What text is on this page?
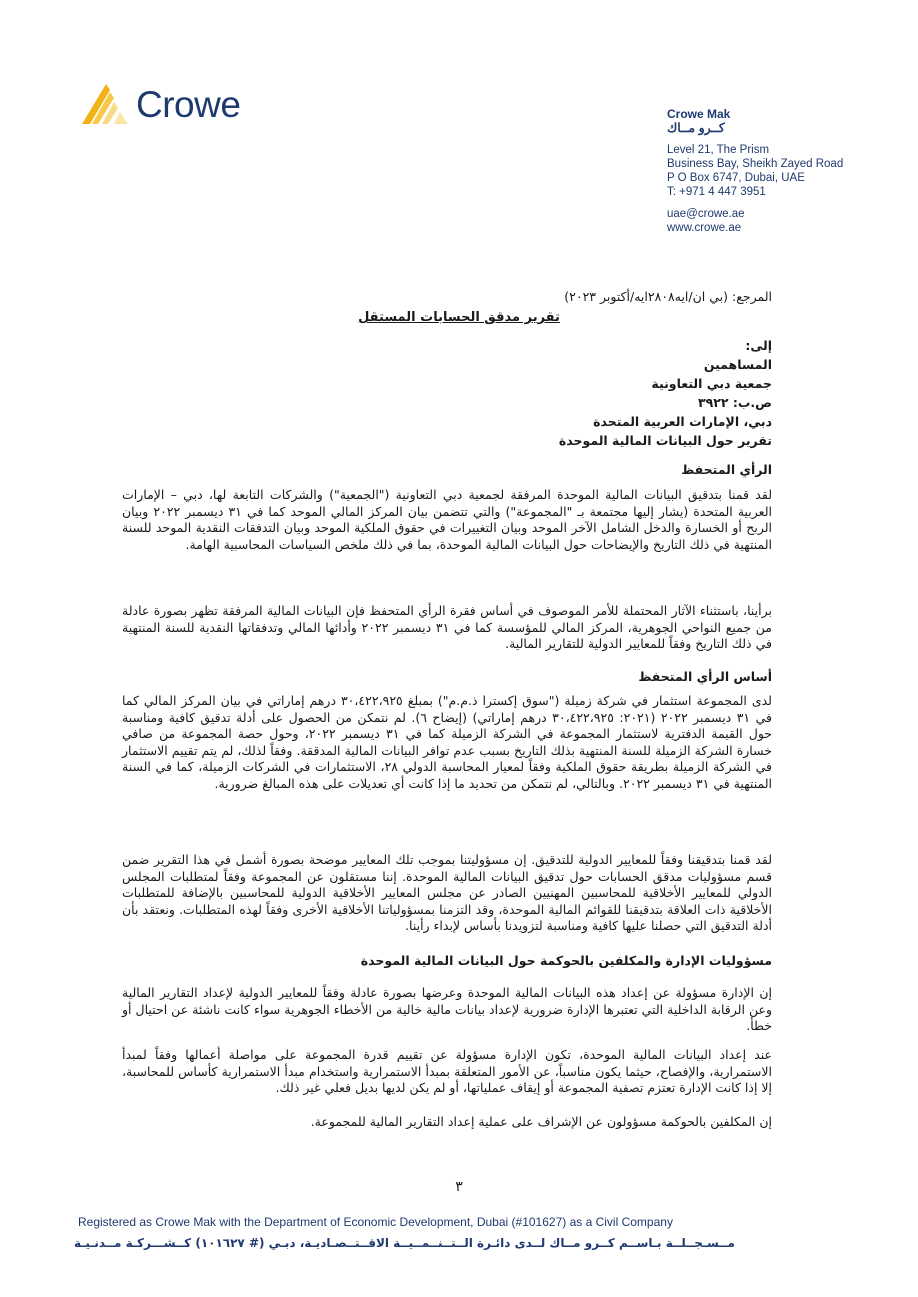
Crowe	Crowe Mak
كــرو مــاك
Level 21, The Prism
Business Bay, Sheikh Zayed Road
P O Box 6747, Dubai, UAE
T: +971 4 447 3951
uae@crowe.ae
www.crowe.ae
المرجع: (بي ان/ايه٢٨٠٨ايه/أكتوبر ٢٠٢٣)
تقرير مدقق الحسابات المستقل
إلى:
المساهمين
جمعية دبي التعاونية
ص.ب: ٣٩٢٢
دبي، الإمارات العربية المتحدة
تقرير حول البيانات المالية الموحدة
الرأي المتحفظ
لقد قمنا بتدقيق البيانات المالية الموحدة المرفقة لجمعية دبي التعاونية ("الجمعية") والشركات التابعة لها، دبي – الإمارات العربية المتحدة (يشار إليها مجتمعة بـ "المجموعة") والتي تتضمن بيان المركز المالي الموحد كما في ٣١ ديسمبر ٢٠٢٢ وبيان الربح أو الخسارة والدخل الشامل الآخر الموحد وبيان التغييرات في حقوق الملكية الموحد وبيان التدفقات النقدية الموحد للسنة المنتهية في ذلك التاريخ والإيضاحات حول البيانات المالية الموحدة، بما في ذلك ملخص السياسات المحاسبية الهامة.
برأينا، باستثناء الآثار المحتملة للأمر الموصوف في أساس فقرة الرأي المتحفظ فإن البيانات المالية المرفقة تظهر بصورة عادلة من جميع النواحي الجوهرية، المركز المالي للمؤسسة كما في ٣١ ديسمبر ٢٠٢٢ وأدائها المالي وتدفقاتها النقدية للسنة المنتهية في ذلك التاريخ وفقاً للمعايير الدولية للتقارير المالية.
أساس الرأي المتحفظ
لدى المجموعة استثمار في شركة زميلة ("سوق إكسترا ذ.م.م") بمبلغ ٣٠،٤٢٢،٩٢٥ درهم إماراتي في بيان المركز المالي كما في ٣١ ديسمبر ٢٠٢٢ (٢٠٢١: ٣٠،٤٢٢،٩٢٥ درهم إماراتي) (إيضاح ٦). لم نتمكن من الحصول على أدلة تدقيق كافية ومناسبة حول القيمة الدفترية لاستثمار المجموعة في الشركة الزميلة كما في ٣١ ديسمبر ٢٠٢٢، وحول حصة المجموعة من صافي خسارة الشركة الزميلة للسنة المنتهية بذلك التاريخ بسبب عدم توافر البيانات المالية المدققة. وفقاً لذلك، لم يتم تقييم الاستثمار في الشركة الزميلة بطريقة حقوق الملكية وفقاً لمعيار المحاسبة الدولي ٢٨، الاستثمارات في الشركات الزميلة، كما في السنة المنتهية في ٣١ ديسمبر ٢٠٢٢. وبالتالي، لم نتمكن من تحديد ما إذا كانت أي تعديلات على هذه المبالغ ضرورية.
لقد قمنا بتدقيقنا وفقاً للمعايير الدولية للتدقيق. إن مسؤوليتنا بموجب تلك المعايير موضحة بصورة أشمل في هذا التقرير ضمن قسم مسؤوليات مدقق الحسابات حول تدقيق البيانات المالية الموحدة. إننا مستقلون عن المجموعة وفقاً لمتطلبات المجلس الدولي للمعايير الأخلاقية للمحاسبين المهنيين الصادر عن مجلس المعايير الأخلاقية الدولية للمحاسبين بالإضافة للمتطلبات الأخلاقية ذات العلاقة بتدقيقنا للقوائم المالية الموحدة، وقد التزمنا بمسؤولياتنا الأخلاقية الأخرى وفقاً لهذه المتطلبات. ونعتقد بأن أدلة التدقيق التي حصلنا عليها كافية ومناسبة لتزويدنا بأساس لإبداء رأينا.
مسؤوليات الإدارة والمكلفين بالحوكمة حول البيانات المالية الموحدة
إن الإدارة مسؤولة عن إعداد هذه البيانات المالية الموحدة وعرضها بصورة عادلة وفقاً للمعايير الدولية لإعداد التقارير المالية وعن الرقابة الداخلية التي تعتبرها الإدارة ضرورية لإعداد بيانات مالية خالية من الأخطاء الجوهرية سواء كانت ناشئة عن احتيال أو خطأ.
عند إعداد البيانات المالية الموحدة، تكون الإدارة مسؤولة عن تقييم قدرة المجموعة على مواصلة أعمالها وفقاً لمبدأ الاستمرارية، والإفصاح، حيثما يكون مناسباً، عن الأمور المتعلقة بمبدأ الاستمرارية واستخدام مبدأ الاستمرارية كأساس للمحاسبة، إلا إذا كانت الإدارة تعتزم تصفية المجموعة أو إيقاف عملياتها، أو لم يكن لديها بديل فعلي غير ذلك.
إن المكلفين بالحوكمة مسؤولون عن الإشراف على عملية إعداد التقارير المالية للمجموعة.
٣
Registered as Crowe Mak with the Department of Economic Development, Dubai (#101627) as a Civil Company
مــسـجــلــة بـاســم كــرو مــاك لــدى دائـرة الــتــنــمــيــة الاقــتــصـاديـة، دبـي (# ١٠١٦٢٧) كــشـــركـة مــدنـيـة
